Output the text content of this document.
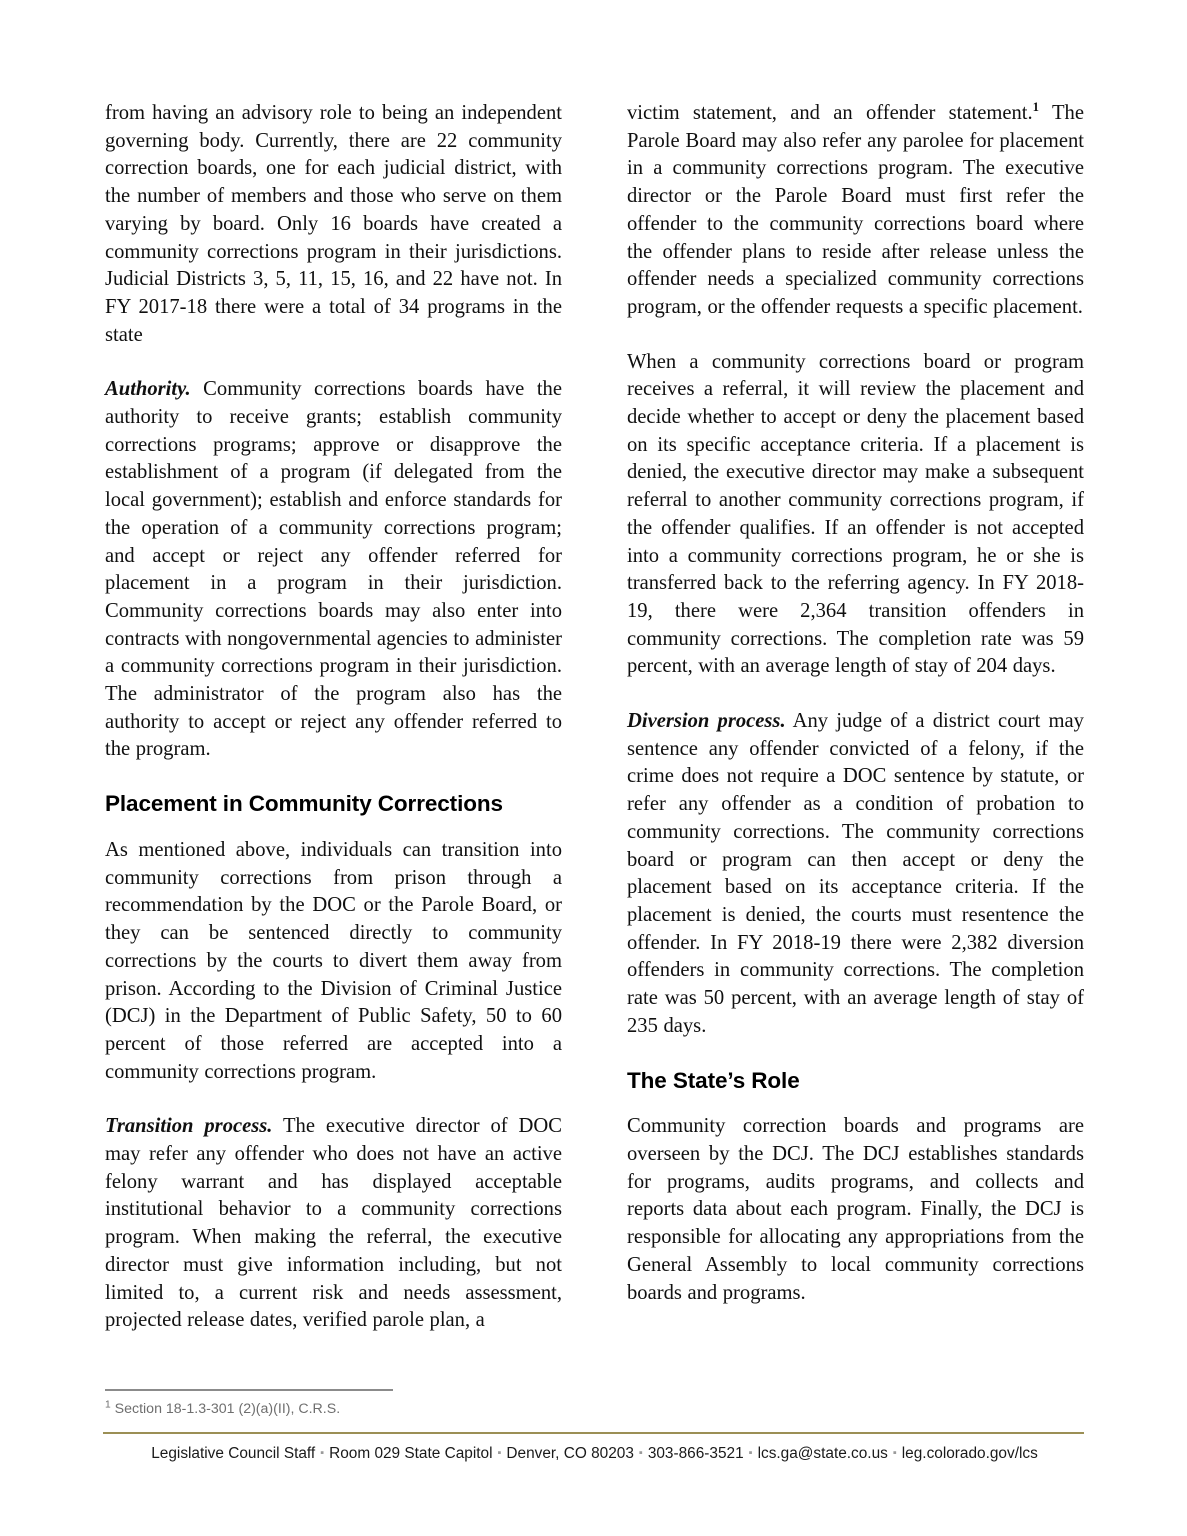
from having an advisory role to being an independent governing body. Currently, there are 22 community correction boards, one for each judicial district, with the number of members and those who serve on them varying by board. Only 16 boards have created a community corrections program in their jurisdictions. Judicial Districts 3, 5, 11, 15, 16, and 22 have not. In FY 2017-18 there were a total of 34 programs in the state

Authority. Community corrections boards have the authority to receive grants; establish community corrections programs; approve or disapprove the establishment of a program (if delegated from the local government); establish and enforce standards for the operation of a community corrections program; and accept or reject any offender referred for placement in a program in their jurisdiction. Community corrections boards may also enter into contracts with nongovernmental agencies to administer a community corrections program in their jurisdiction. The administrator of the program also has the authority to accept or reject any offender referred to the program.

Placement in Community Corrections

As mentioned above, individuals can transition into community corrections from prison through a recommendation by the DOC or the Parole Board, or they can be sentenced directly to community corrections by the courts to divert them away from prison. According to the Division of Criminal Justice (DCJ) in the Department of Public Safety, 50 to 60 percent of those referred are accepted into a community corrections program.

Transition process. The executive director of DOC may refer any offender who does not have an active felony warrant and has displayed acceptable institutional behavior to a community corrections program. When making the referral, the executive director must give information including, but not limited to, a current risk and needs assessment, projected release dates, verified parole plan, a

victim statement, and an offender statement.$^1$ The Parole Board may also refer any parolee for placement in a community corrections program. The executive director or the Parole Board must first refer the offender to the community corrections board where the offender plans to reside after release unless the offender needs a specialized community corrections program, or the offender requests a specific placement.

When a community corrections board or program receives a referral, it will review the placement and decide whether to accept or deny the placement based on its specific acceptance criteria. If a placement is denied, the executive director may make a subsequent referral to another community corrections program, if the offender qualifies. If an offender is not accepted into a community corrections program, he or she is transferred back to the referring agency. In FY 2018-19, there were 2,364 transition offenders in community corrections. The completion rate was 59 percent, with an average length of stay of 204 days.

Diversion process. Any judge of a district court may sentence any offender convicted of a felony, if the crime does not require a DOC sentence by statute, or refer any offender as a condition of probation to community corrections. The community corrections board or program can then accept or deny the placement based on its acceptance criteria. If the placement is denied, the courts must resentence the offender. In FY 2018-19 there were 2,382 diversion offenders in community corrections. The completion rate was 50 percent, with an average length of stay of 235 days.

The State’s Role

Community correction boards and programs are overseen by the DCJ. The DCJ establishes standards for programs, audits programs, and collects and reports data about each program. Finally, the DCJ is responsible for allocating any appropriations from the General Assembly to local community corrections boards and programs.

$^1$ Section 18-1.3-301 (2)(a)(II), C.R.S.
Legislative Council Staff ▪ Room 029 State Capitol ▪ Denver, CO 80203 ▪ 303-866-3521 ▪ lcs.ga@state.co.us ▪ leg.colorado.gov/lcs
